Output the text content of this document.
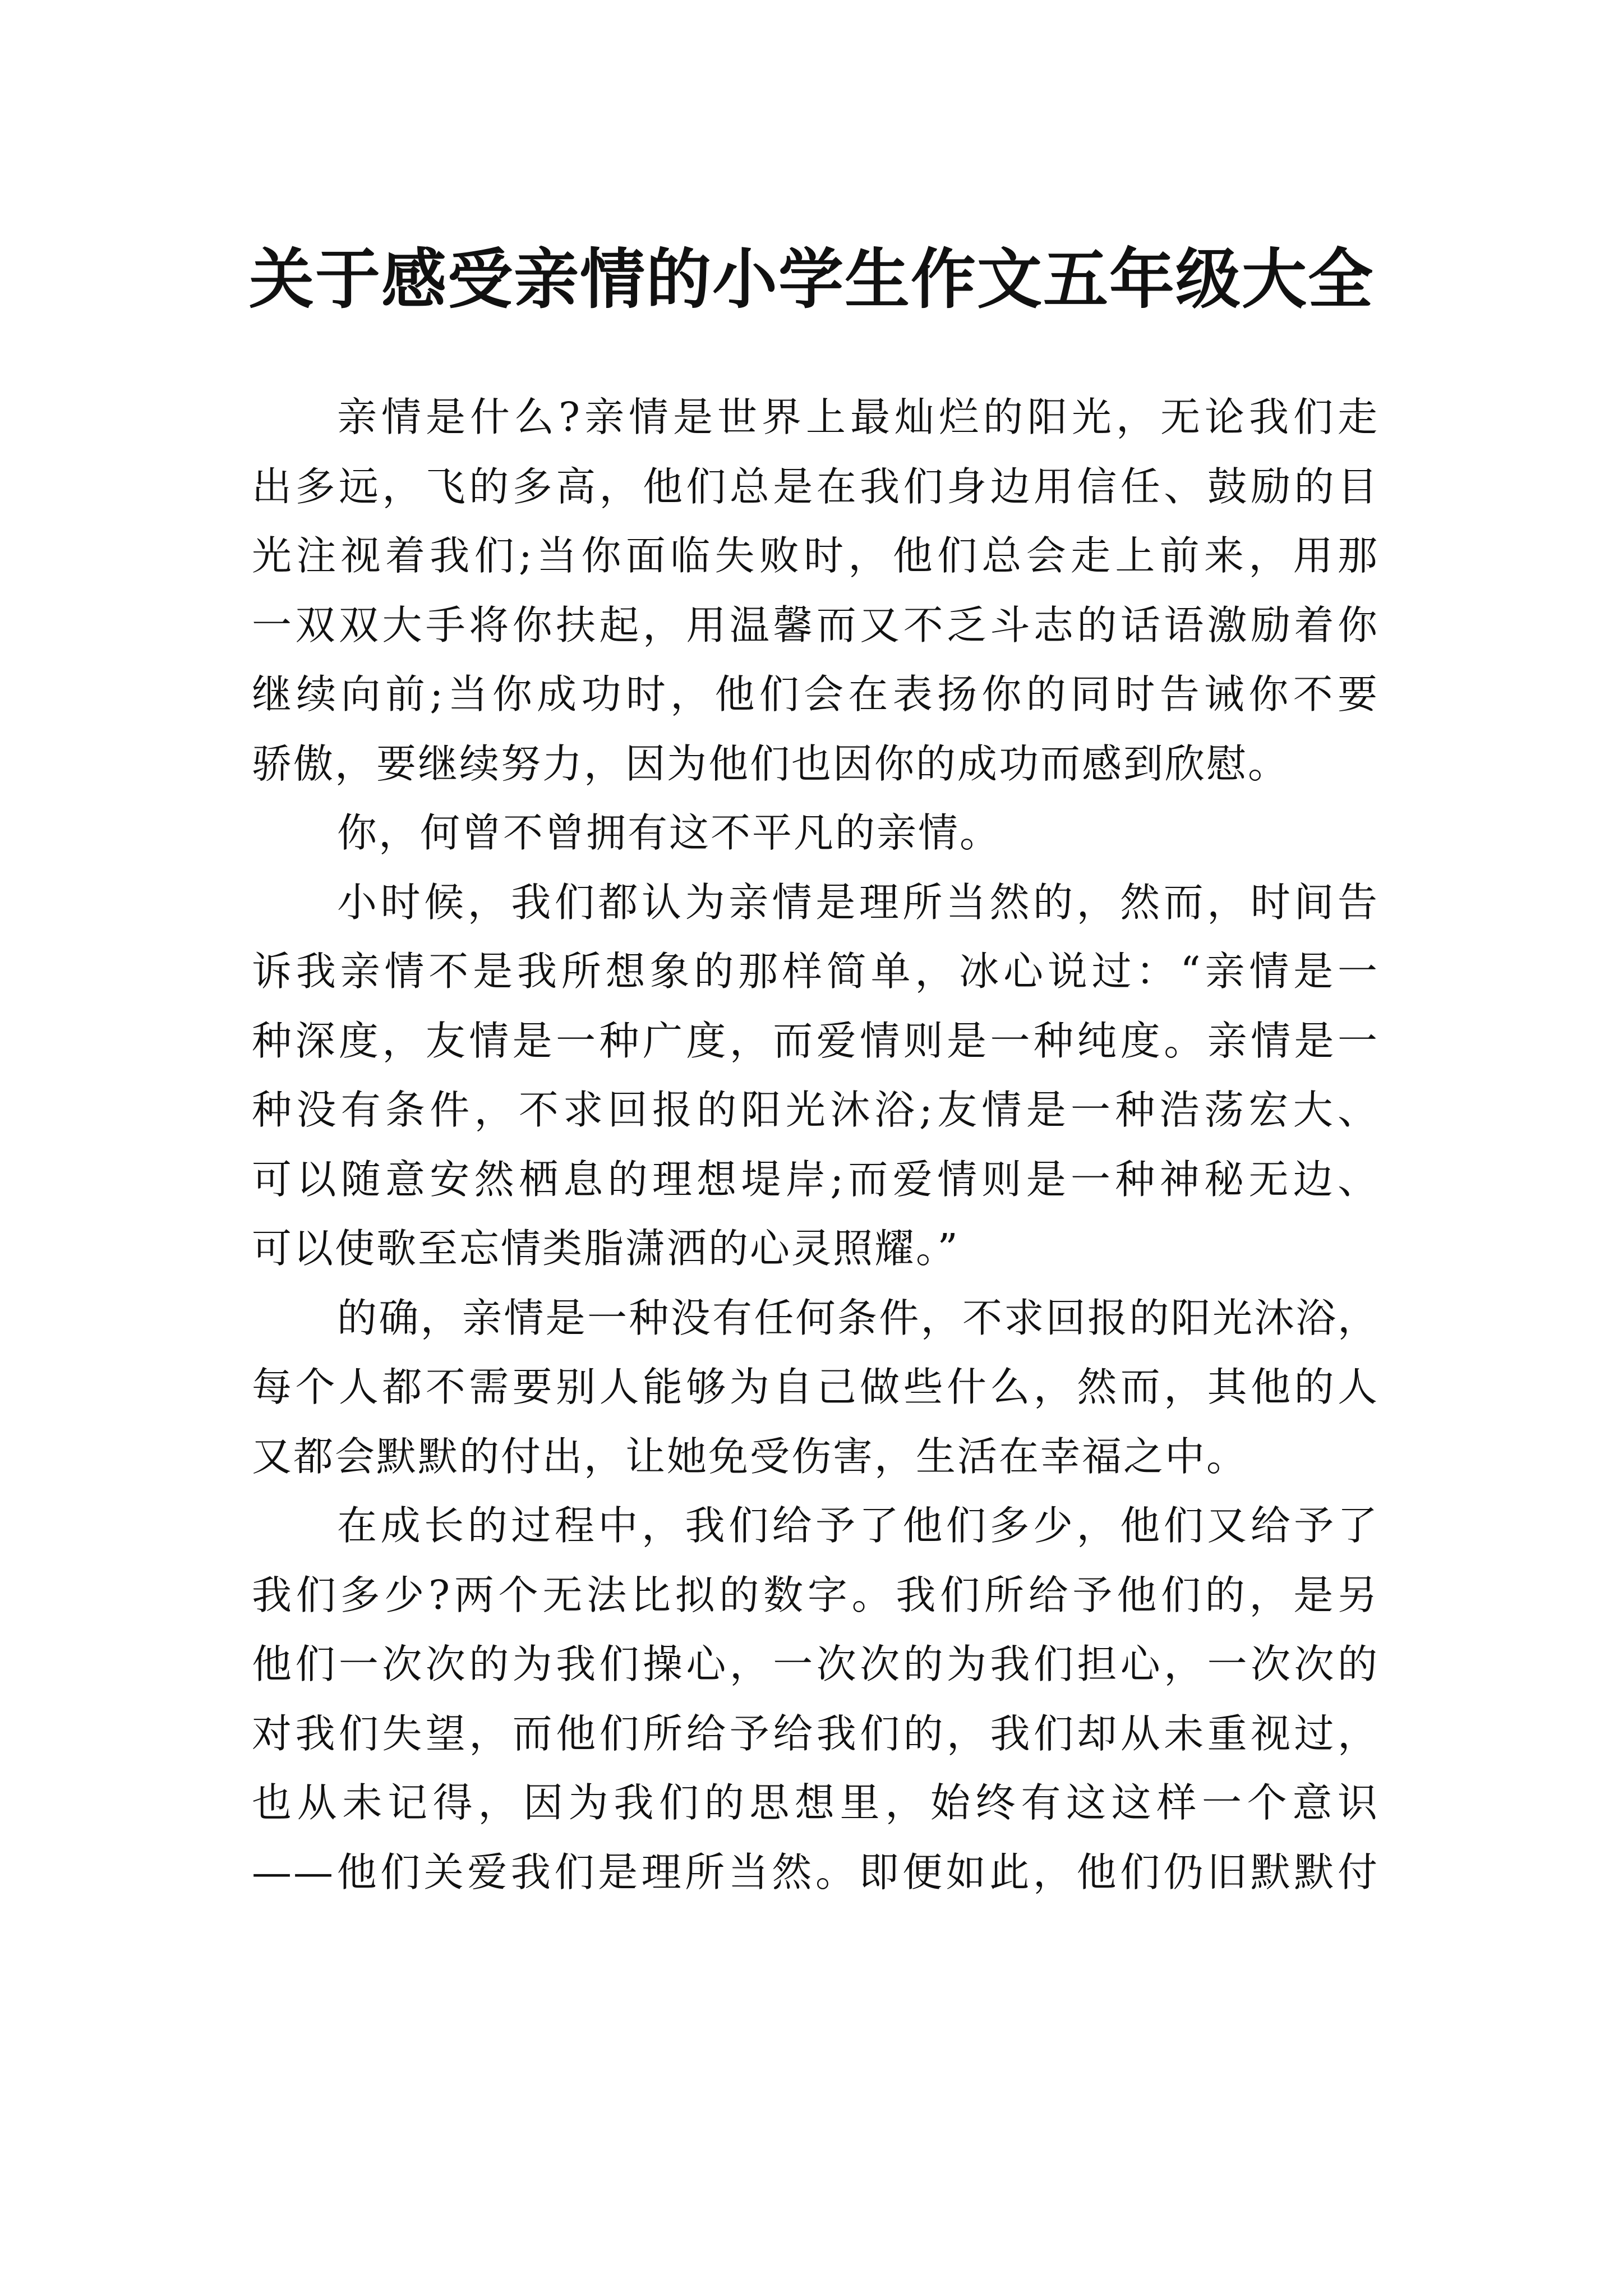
关于感受亲情的小学生作文五年级大全
亲情是什么?亲情是世界上最灿烂的阳光，无论我们走
出多远，飞的多高，他们总是在我们身边用信任、鼓励的目
光注视着我们;当你面临失败时，他们总会走上前来，用那
一双双大手将你扶起，用温馨而又不乏斗志的话语激励着你
继续向前;当你成功时，他们会在表扬你的同时告诫你不要
骄傲，要继续努力，因为他们也因你的成功而感到欣慰。
你，何曾不曾拥有这不平凡的亲情。
小时候，我们都认为亲情是理所当然的，然而，时间告
诉我亲情不是我所想象的那样简单，冰心说过：“亲情是一
种深度，友情是一种广度，而爱情则是一种纯度。亲情是一
种没有条件，不求回报的阳光沐浴;友情是一种浩荡宏大、
可以随意安然栖息的理想堤岸;而爱情则是一种神秘无边、
可以使歌至忘情类脂潇洒的心灵照耀。”
的确，亲情是一种没有任何条件，不求回报的阳光沐浴，
每个人都不需要别人能够为自己做些什么，然而，其他的人
又都会默默的付出，让她免受伤害，生活在幸福之中。
在成长的过程中，我们给予了他们多少，他们又给予了
我们多少?两个无法比拟的数字。我们所给予他们的，是另
他们一次次的为我们操心，一次次的为我们担心，一次次的
对我们失望，而他们所给予给我们的，我们却从未重视过，
也从未记得，因为我们的思想里，始终有这这样一个意识
——他们关爱我们是理所当然。即便如此，他们仍旧默默付
